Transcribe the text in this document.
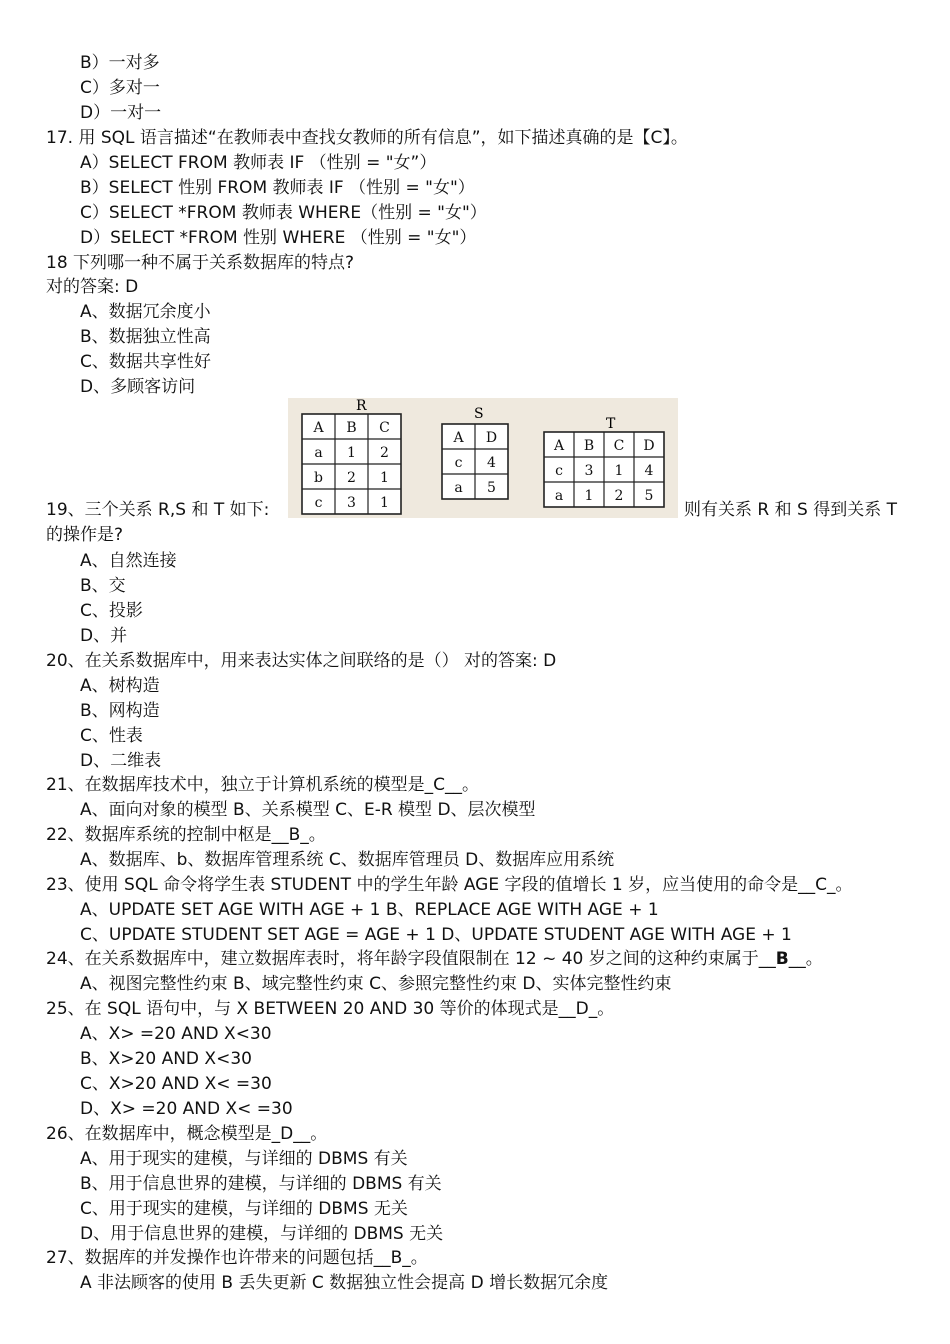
B）一对多
C）多对一
D）一对一
17. 用 SQL 语言描述“在教师表中查找女教师的所有信息”，如下描述真确的是【C】。
A）SELECT FROM 教师表 IF （性别 = "女”）
B）SELECT 性别 FROM 教师表 IF （性别 = "女"）
C）SELECT *FROM 教师表 WHERE（性别 = "女"）
D）SELECT *FROM 性别 WHERE （性别 = "女"）
18 下列哪一种不属于关系数据库的特点?
对的答案: D
A、数据冗余度小
B、数据独立性高
C、数据共享性好
D、多顾客访问
的操作是?
A、自然连接
B、交
C、投影
D、并
20、在关系数据库中，用来表达实体之间联络的是（） 对的答案: D
A、树构造
B、网构造
C、性表
D、二维表
21、在数据库技术中，独立于计算机系统的模型是_C__。
A、面向对象的模型 B、关系模型 C、E-R 模型 D、层次模型
22、数据库系统的控制中枢是__B_。
A、数据库、b、数据库管理系统 C、数据库管理员 D、数据库应用系统
23、使用 SQL 命令将学生表 STUDENT 中的学生年龄 AGE 字段的值增长 1 岁，应当使用的命令是__C_。
A、UPDATE SET AGE WITH AGE + 1 B、REPLACE AGE WITH AGE + 1
C、UPDATE STUDENT SET AGE = AGE + 1 D、UPDATE STUDENT AGE WITH AGE + 1
A、视图完整性约束 B、域完整性约束 C、参照完整性约束 D、实体完整性约束
25、在 SQL 语句中，与 X BETWEEN 20 AND 30 等价的体现式是__D_。
A、X> =20 AND X<30
B、X>20 AND X<30
C、X>20 AND X< =30
D、X> =20 AND X< =30
26、在数据库中，概念模型是_D__。
A、用于现实的建模，与详细的 DBMS 有关
B、用于信息世界的建模，与详细的 DBMS 有关
C、用于现实的建模，与详细的 DBMS 无关
D、用于信息世界的建模，与详细的 DBMS 无关
27、数据库的并发操作也许带来的问题包括__B_。
A 非法顾客的使用 B 丢失更新 C 数据独立性会提高 D 增长数据冗余度
24、在关系数据库中，建立数据库表时，将年龄字段值限制在 12 ~ 40 岁之间的这种约束属于__B__。
19、三个关系 R,S 和 T 如下:
R
A B C
a 1 2
b 2 1
c 3 1
S
A D
c 4
a 5
T
A B C D
c 3 1 4
a 1 2 5
则有关系 R 和 S 得到关系 T
